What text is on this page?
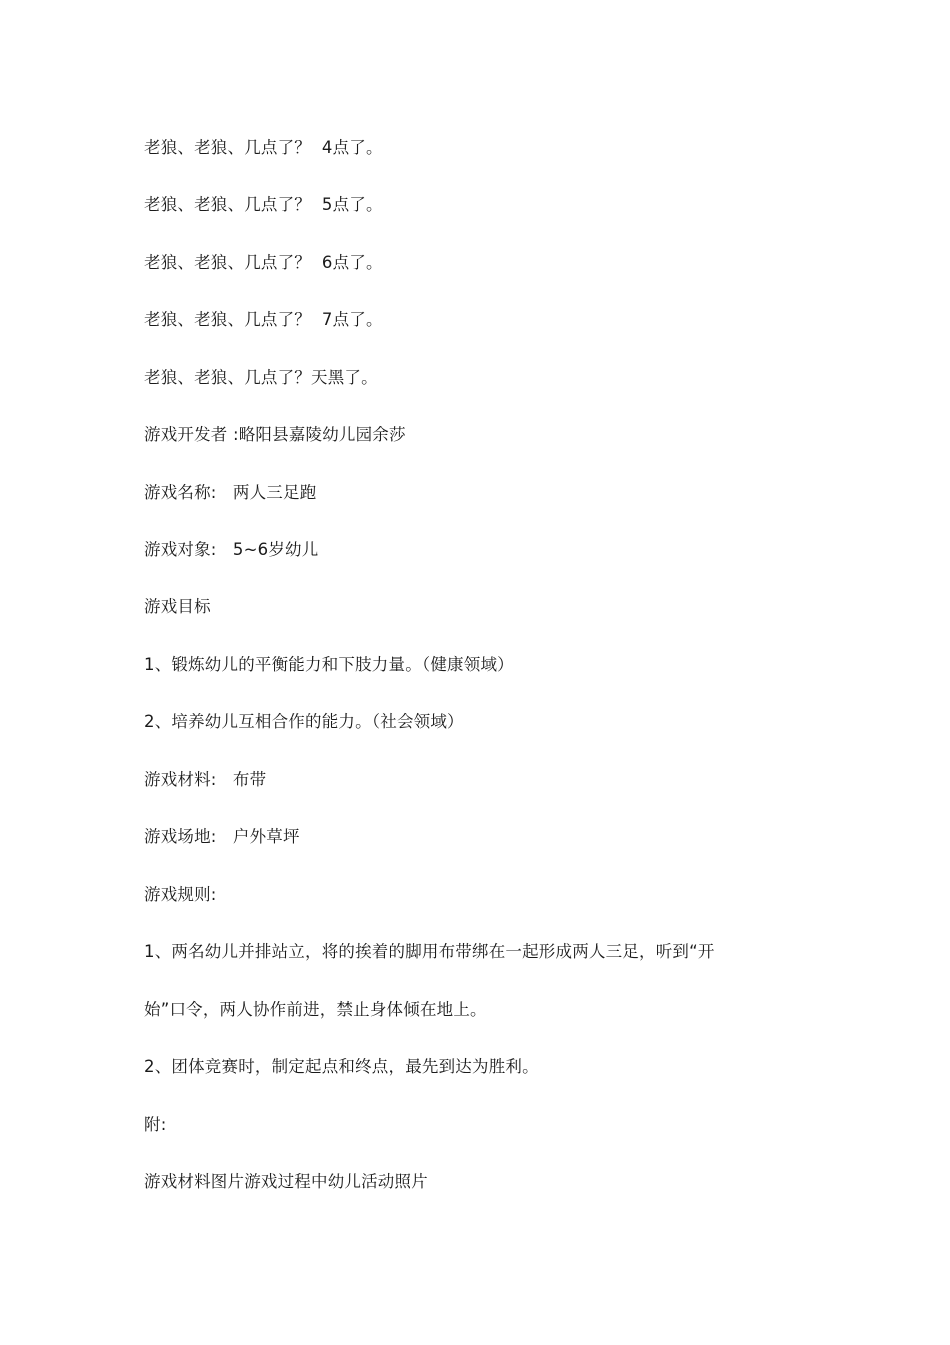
老狼、老狼、几点了？  4点了。
老狼、老狼、几点了？  5点了。
老狼、老狼、几点了？  6点了。
老狼、老狼、几点了？  7点了。
老狼、老狼、几点了？天黑了。
游戏开发者 :略阳县嘉陵幼儿园余莎
游戏名称:   两人三足跑
游戏对象:   5~6岁幼儿
游戏目标
1、锻炼幼儿的平衡能力和下肢力量。（健康领域）
2、培养幼儿互相合作的能力。（社会领域）
游戏材料:   布带
游戏场地:   户外草坪
游戏规则:
1、两名幼儿并排站立，将的挨着的脚用布带绑在一起形成两人三足，听到“开
始”口令，两人协作前进，禁止身体倾在地上。
2、团体竞赛时，制定起点和终点，最先到达为胜利。
附:
游戏材料图片游戏过程中幼儿活动照片
